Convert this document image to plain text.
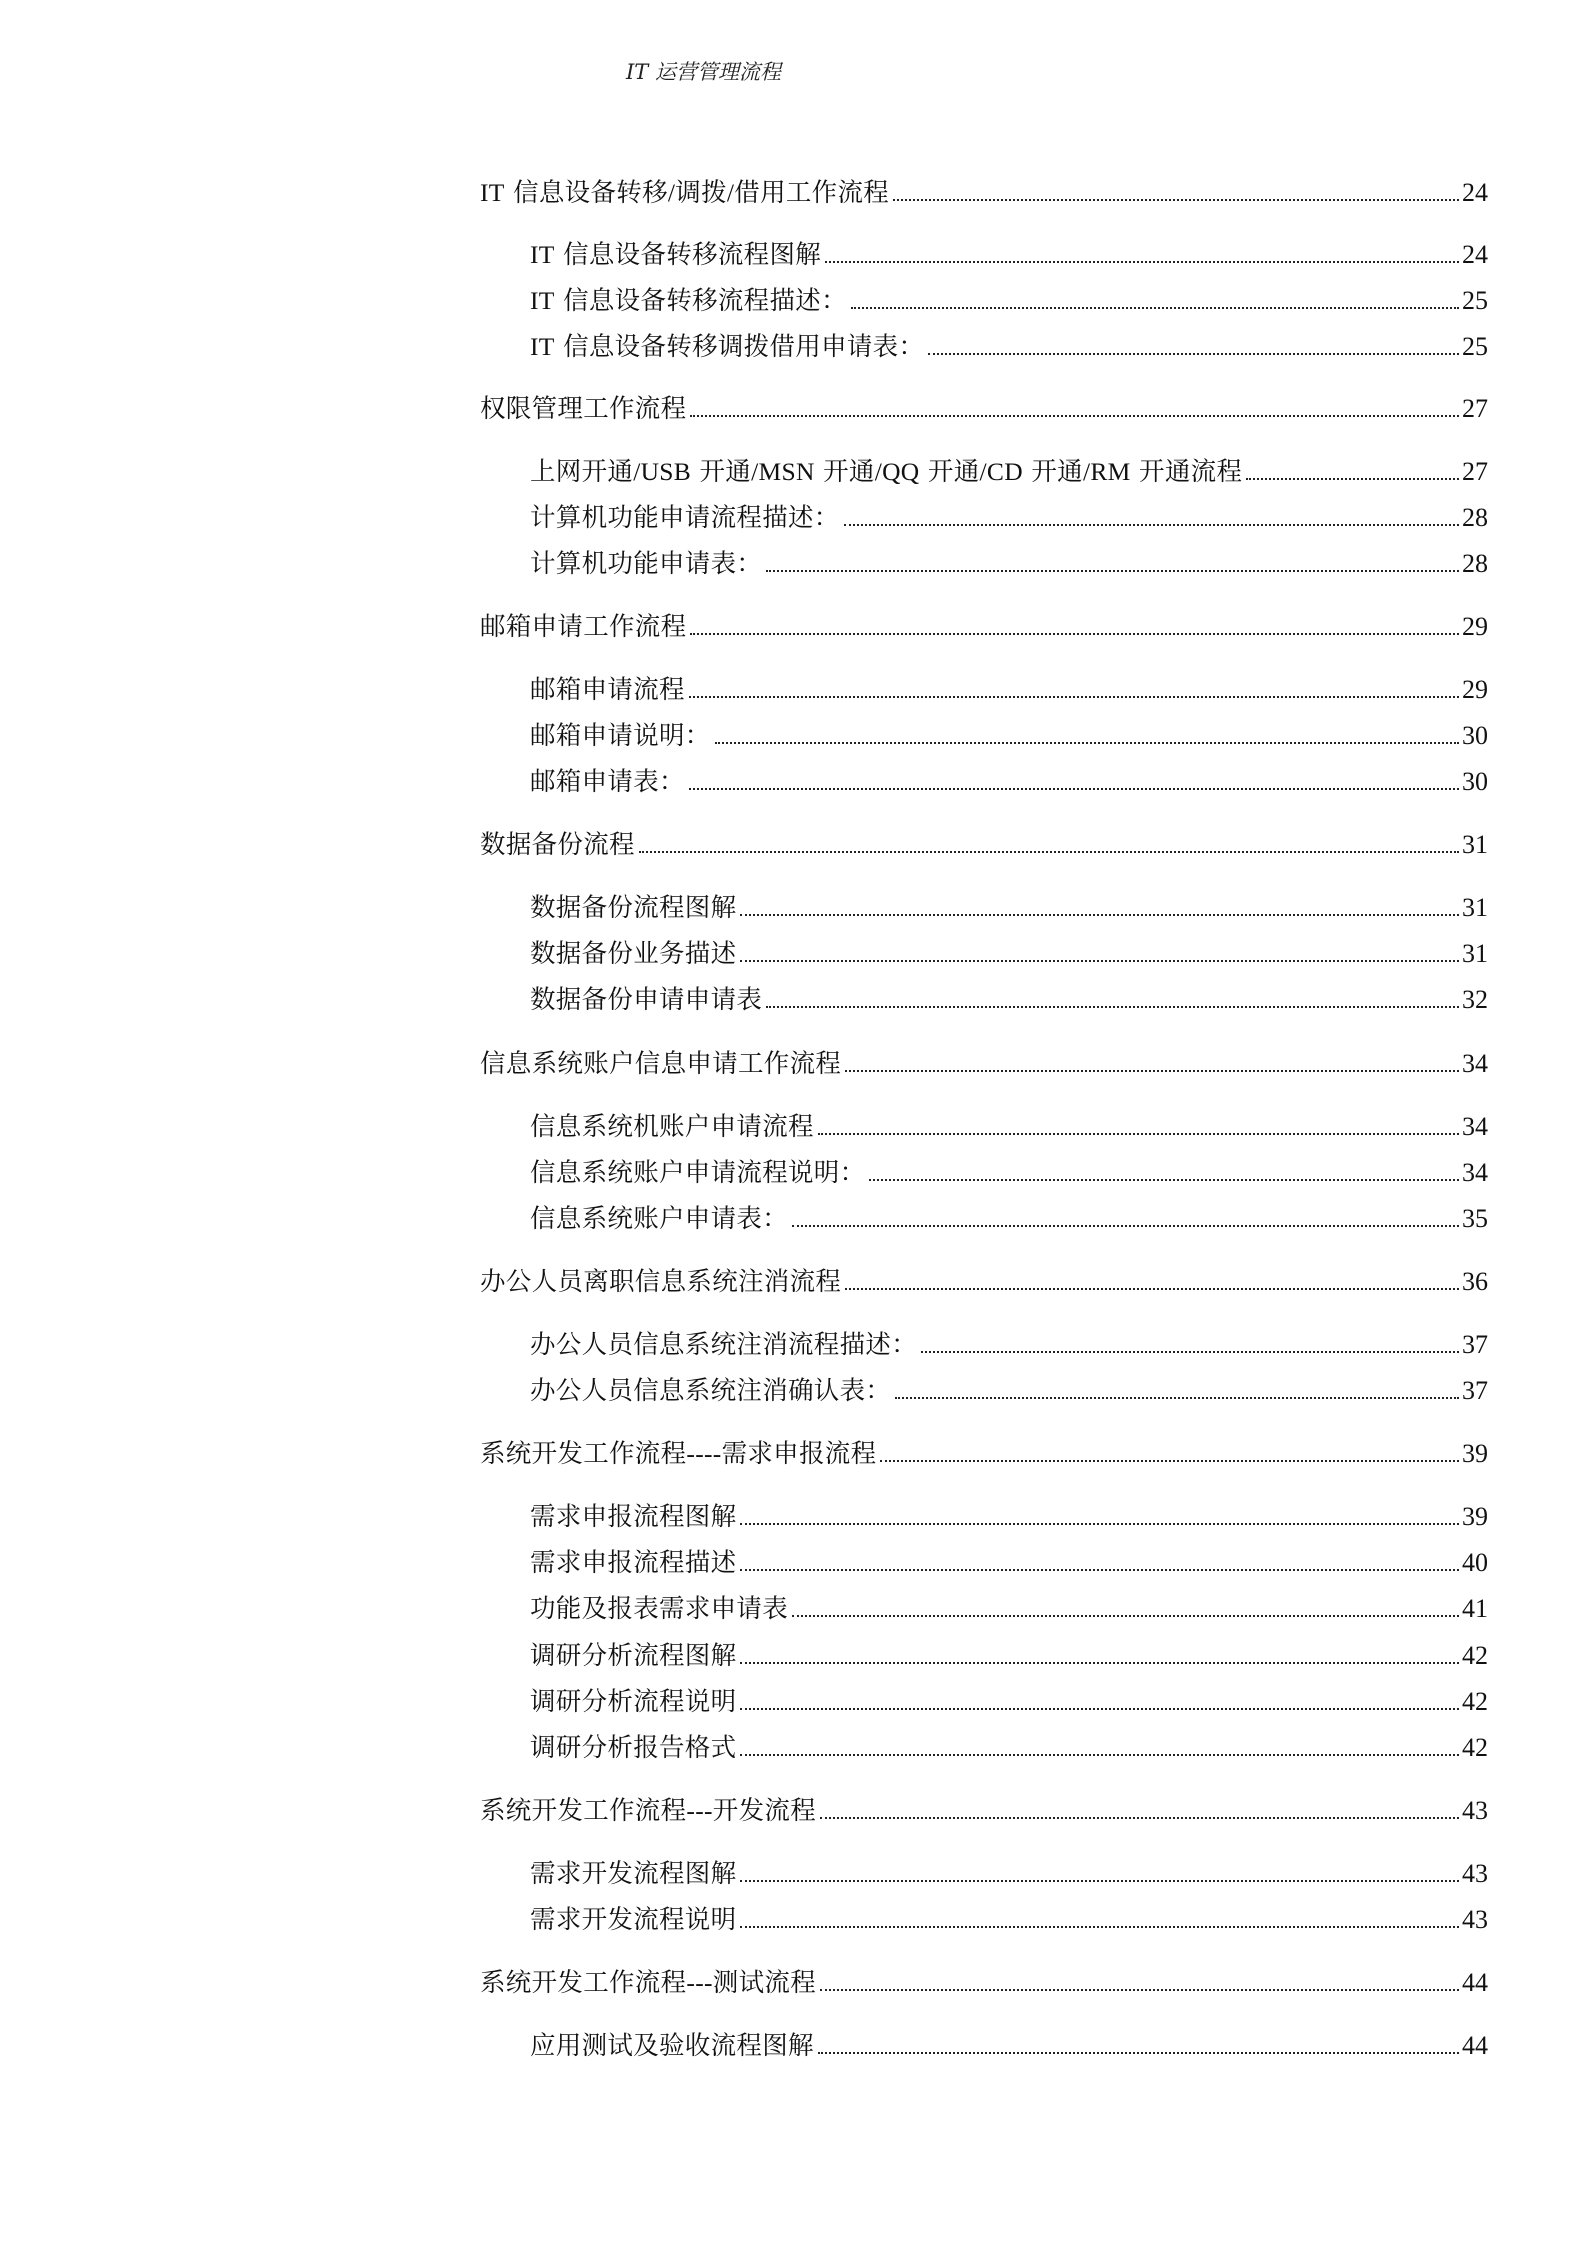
IT 运营管理流程
IT 信息设备转移/调拨/借用工作流程	24
IT 信息设备转移流程图解	24
IT 信息设备转移流程描述：	25
IT 信息设备转移调拨借用申请表：	25
权限管理工作流程	27
上网开通/USB 开通/MSN 开通/QQ 开通/CD 开通/RM 开通流程	27
计算机功能申请流程描述：	28
计算机功能申请表：	28
邮箱申请工作流程	29
邮箱申请流程	29
邮箱申请说明：	30
邮箱申请表：	30
数据备份流程	31
数据备份流程图解	31
数据备份业务描述	31
数据备份申请申请表	32
信息系统账户信息申请工作流程	34
信息系统机账户申请流程	34
信息系统账户申请流程说明：	34
信息系统账户申请表：	35
办公人员离职信息系统注消流程	36
办公人员信息系统注消流程描述：	37
办公人员信息系统注消确认表：	37
系统开发工作流程----需求申报流程	39
需求申报流程图解	39
需求申报流程描述	40
功能及报表需求申请表	41
调研分析流程图解	42
调研分析流程说明	42
调研分析报告格式	42
系统开发工作流程---开发流程	43
需求开发流程图解	43
需求开发流程说明	43
系统开发工作流程---测试流程	44
应用测试及验收流程图解	44
